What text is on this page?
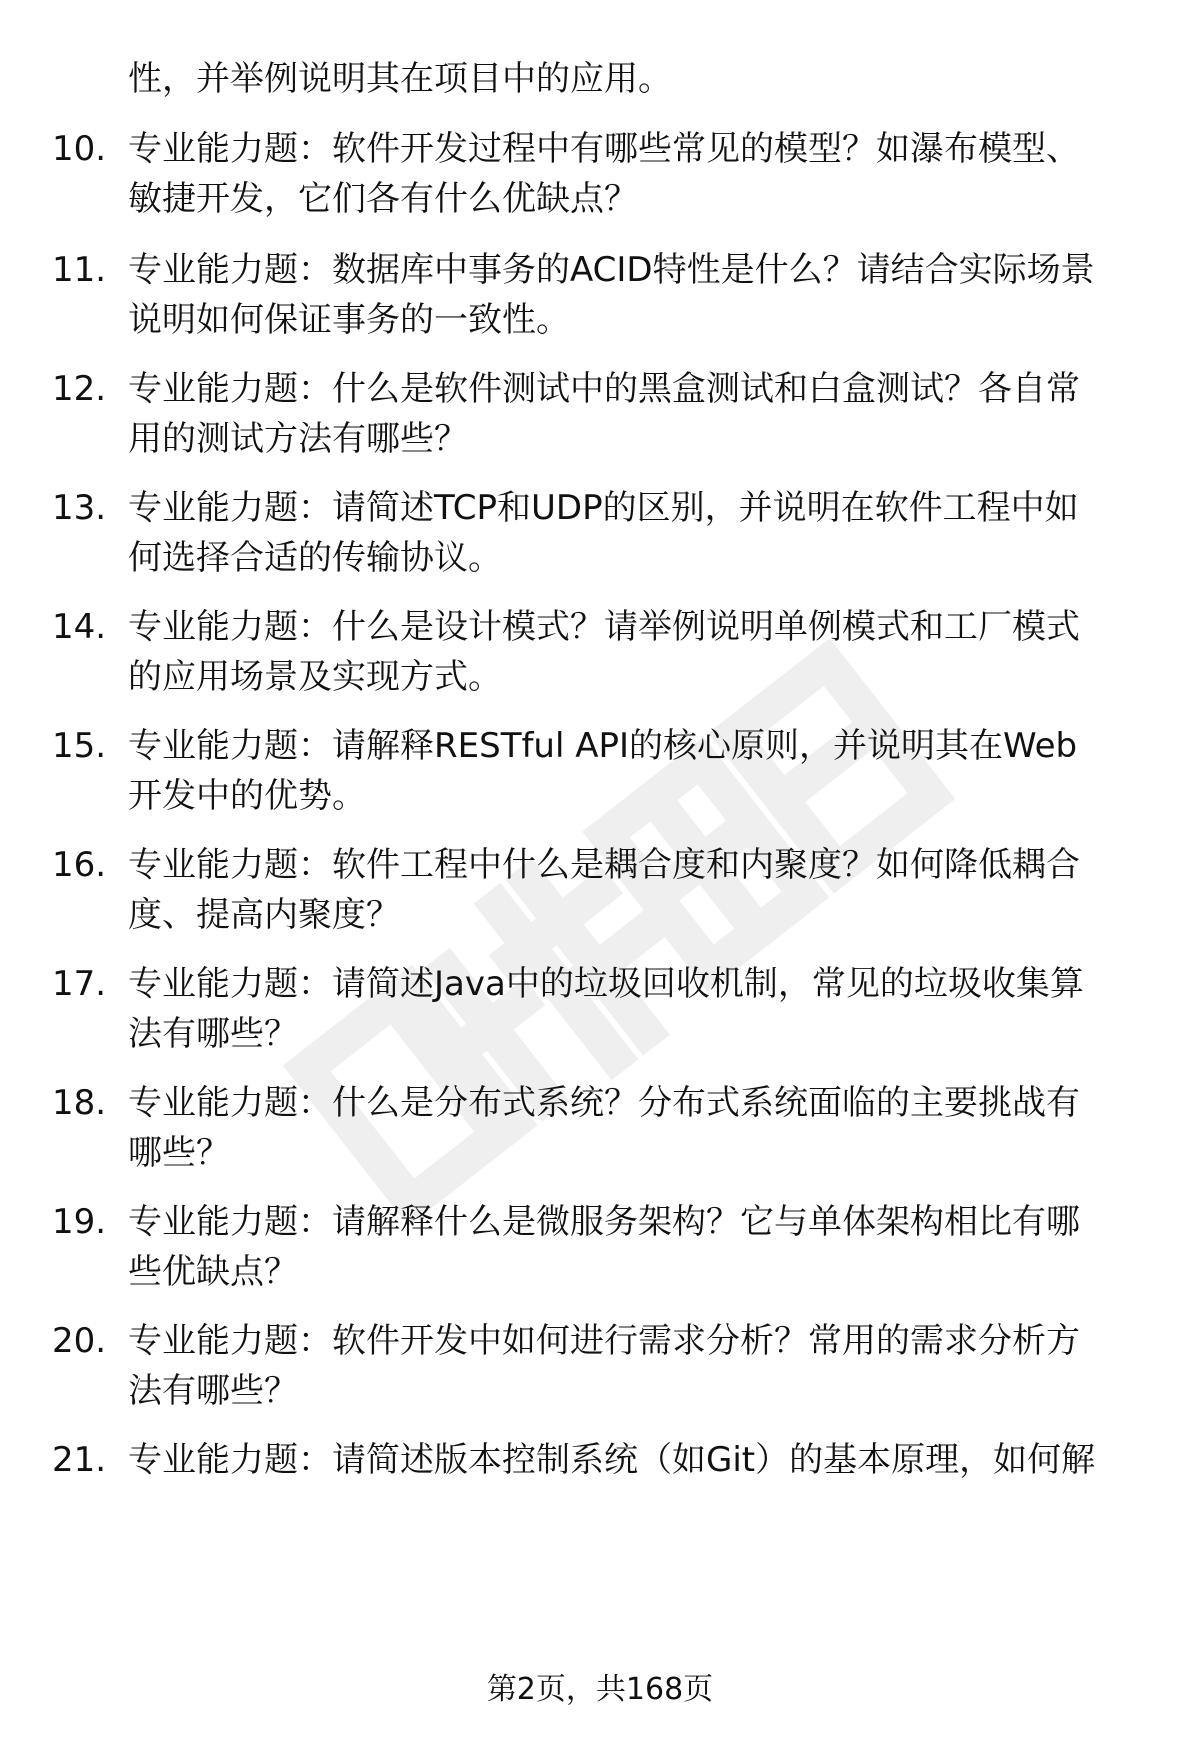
性，并举例说明其在项目中的应用。
10. 专业能力题：软件开发过程中有哪些常见的模型？如瀑布模型、
敏捷开发，它们各有什么优缺点？
11. 专业能力题：数据库中事务的ACID特性是什么？请结合实际场景
说明如何保证事务的一致性。
12. 专业能力题：什么是软件测试中的黑盒测试和白盒测试？各自常
用的测试方法有哪些？
13. 专业能力题：请简述TCP和UDP的区别，并说明在软件工程中如
何选择合适的传输协议。
14. 专业能力题：什么是设计模式？请举例说明单例模式和工厂模式
的应用场景及实现方式。
15. 专业能力题：请解释RESTful API的核心原则，并说明其在Web
开发中的优势。
16. 专业能力题：软件工程中什么是耦合度和内聚度？如何降低耦合
度、提高内聚度？
17. 专业能力题：请简述Java中的垃圾回收机制，常见的垃圾收集算
法有哪些？
18. 专业能力题：什么是分布式系统？分布式系统面临的主要挑战有
哪些？
19. 专业能力题：请解释什么是微服务架构？它与单体架构相比有哪
些优缺点？
20. 专业能力题：软件开发中如何进行需求分析？常用的需求分析方
法有哪些？
21. 专业能力题：请简述版本控制系统（如Git）的基本原理，如何解
第2页，共168页
